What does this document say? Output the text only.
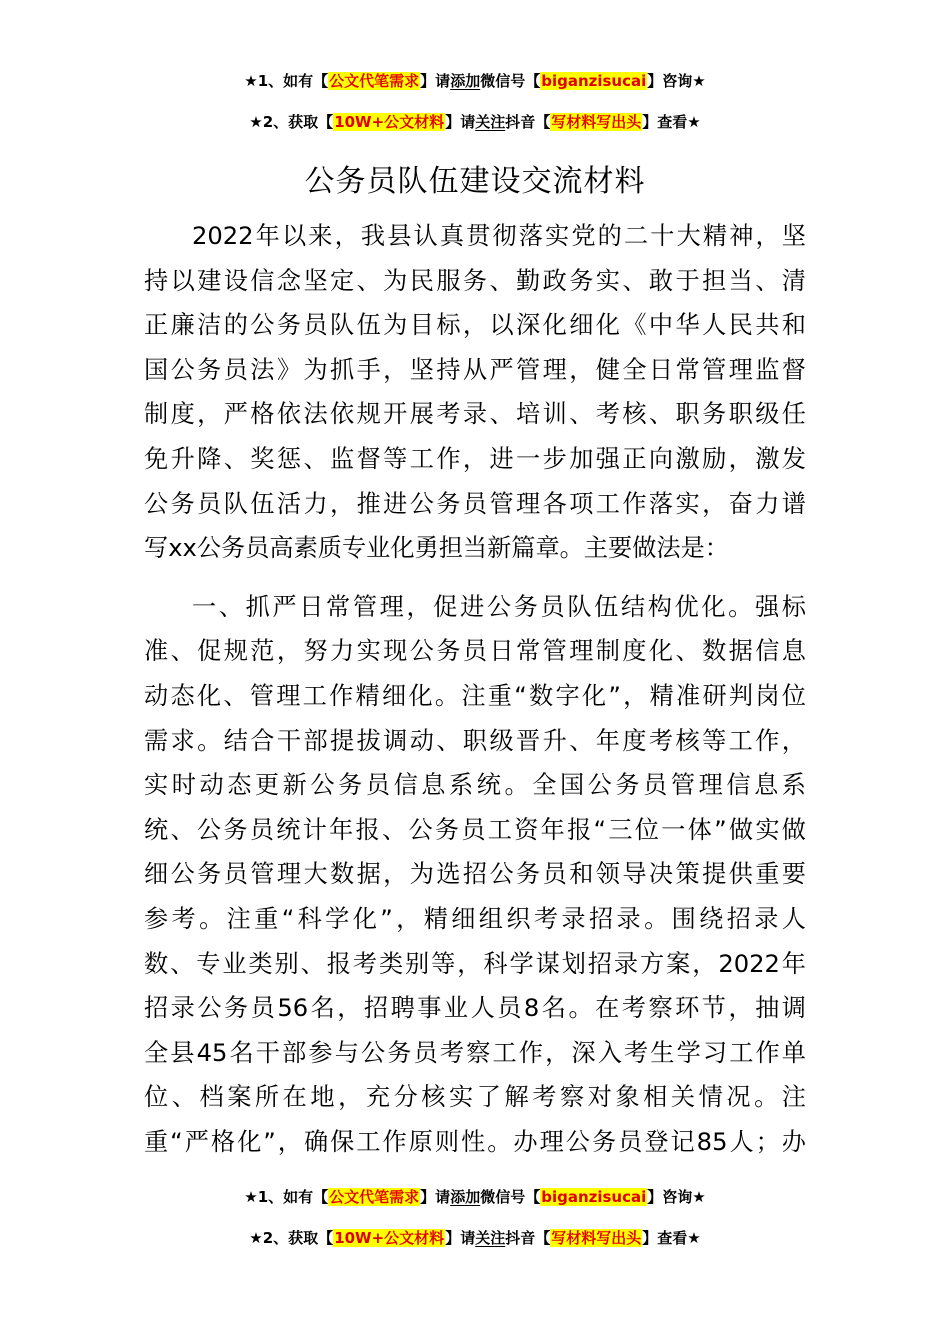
★1、如有【公文代笔需求】请添加微信号【biganzisucai】咨询★
★2、获取【10W+公文材料】请关注抖音【写材料写出头】查看★
公务员队伍建设交流材料
2022年以来，我县认真贯彻落实党的二十大精神，坚
持以建设信念坚定、为民服务、勤政务实、敢于担当、清
正廉洁的公务员队伍为目标，以深化细化《中华人民共和
国公务员法》为抓手，坚持从严管理，健全日常管理监督
制度，严格依法依规开展考录、培训、考核、职务职级任
免升降、奖惩、监督等工作，进一步加强正向激励，激发
公务员队伍活力，推进公务员管理各项工作落实，奋力谱
写xx公务员高素质专业化勇担当新篇章。主要做法是：
一、抓严日常管理，促进公务员队伍结构优化。强标
准、促规范，努力实现公务员日常管理制度化、数据信息
动态化、管理工作精细化。注重“数字化”，精准研判岗位
需求。结合干部提拔调动、职级晋升、年度考核等工作，
实时动态更新公务员信息系统。全国公务员管理信息系
统、公务员统计年报、公务员工资年报“三位一体”做实做
细公务员管理大数据，为选招公务员和领导决策提供重要
参考。注重“科学化”，精细组织考录招录。围绕招录人
数、专业类别、报考类别等，科学谋划招录方案，2022年
招录公务员56名，招聘事业人员8名。在考察环节，抽调
全县45名干部参与公务员考察工作，深入考生学习工作单
位、档案所在地，充分核实了解考察对象相关情况。注
重“严格化”，确保工作原则性。办理公务员登记85人；办
★1、如有【公文代笔需求】请添加微信号【biganzisucai】咨询★
★2、获取【10W+公文材料】请关注抖音【写材料写出头】查看★
